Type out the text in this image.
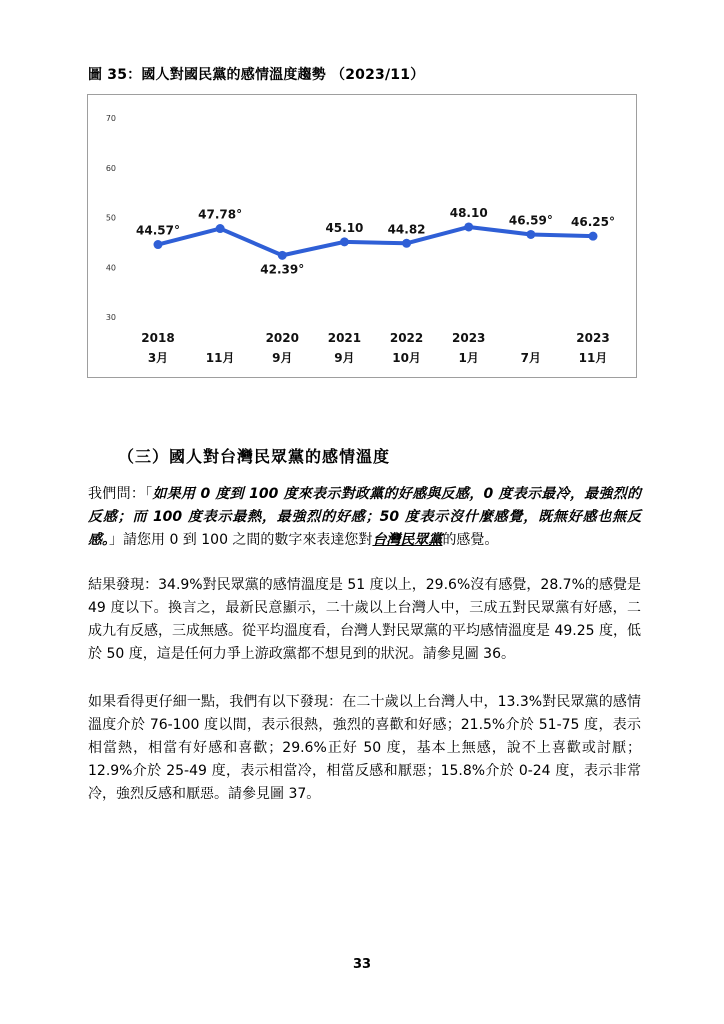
圖 35：國人對國民黨的感情溫度趨勢 （2023/11）
30
40
50
60
70
2018
3月	11月
2020
9月
2021
9月
2022
10月
2023
1月	7月
2023
11月
44.57°
47.78°
42.39°
45.10 44.82
48.10
46.59° 46.25°
（三）國人對台灣民眾黨的感情溫度
我們問：「如果用 0 度到 100 度來表示對政黨的好感與反感，0 度表示最冷，最強烈的反感；而 100 度表示最熱，最強烈的好感；50 度表示沒什麼感覺，既無好感也無反感。」請您用 0 到 100 之間的數字來表達您對台灣民眾黨的感覺。
結果發現：34.9%對民眾黨的感情溫度是 51 度以上，29.6%沒有感覺，28.7%的感覺是 49 度以下。換言之，最新民意顯示，二十歲以上台灣人中，三成五對民眾黨有好感，二成九有反感，三成無感。從平均溫度看，台灣人對民眾黨的平均感情溫度是 49.25 度，低於 50 度，這是任何力爭上游政黨都不想見到的狀況。請參見圖 36。
如果看得更仔細一點，我們有以下發現：在二十歲以上台灣人中，13.3%對民眾黨的感情溫度介於 76-100 度以間，表示很熱，強烈的喜歡和好感；21.5%介於 51-75 度，表示相當熱，相當有好感和喜歡；29.6%正好 50 度，基本上無感，說不上喜歡或討厭；12.9%介於 25-49 度，表示相當冷，相當反感和厭惡；15.8%介於 0-24 度，表示非常冷，強烈反感和厭惡。請參見圖 37。
33
